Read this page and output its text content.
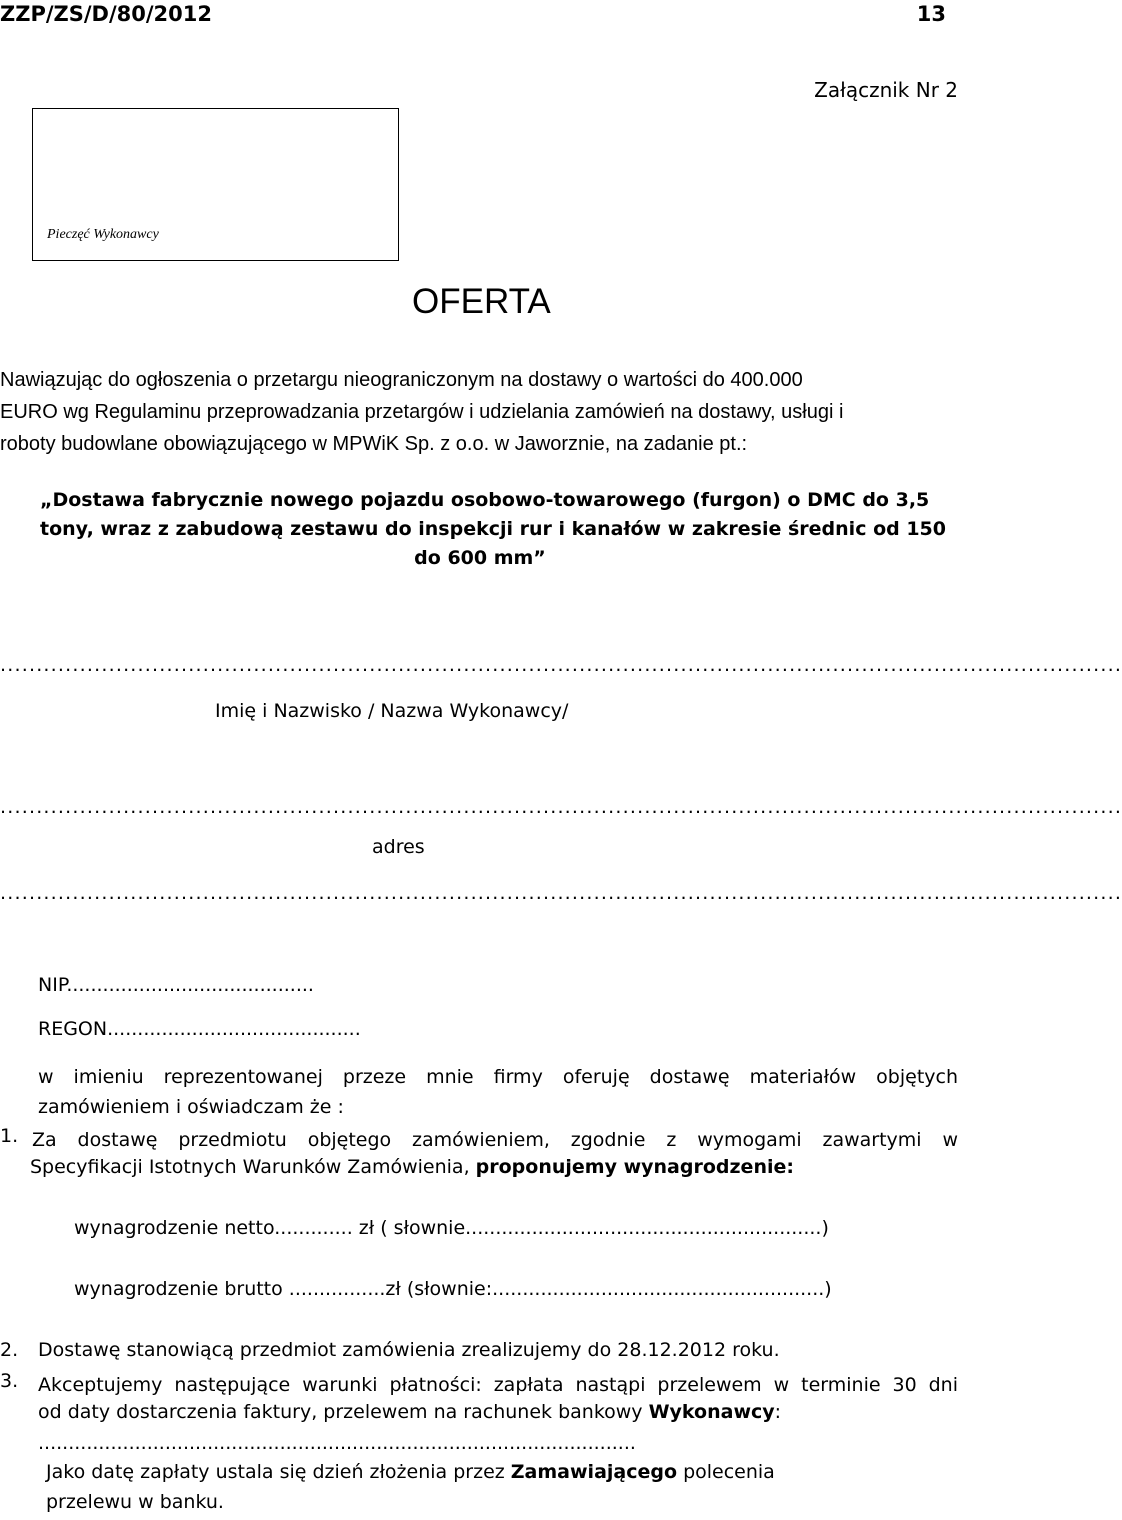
ZZP/ZS/D/80/2012	13
Załącznik Nr 2
Pieczęć Wykonawcy
OFERTA
Nawiązując do ogłoszenia o przetargu nieograniczonym na dostawy o wartości do 400.000
EURO wg Regulaminu przeprowadzania przetargów i udzielania zamówień na dostawy, usługi i
roboty budowlane obowiązującego w MPWiK Sp. z o.o. w Jaworznie, na zadanie pt.:
„Dostawa fabrycznie nowego pojazdu osobowo-towarowego (furgon) o DMC do 3,5
tony, wraz z zabudową zestawu do inspekcji rur i kanałów w zakresie średnic od 150
do 600 mm”
...........................................................................................................................................................
Imię i Nazwisko / Nazwa Wykonawcy/
...........................................................................................................................................................
adres
...........................................................................................................................................................
NIP.........................................
REGON..........................................
w imieniu reprezentowanej przeze mnie firmy oferuję dostawę materiałów objętych
zamówieniem i oświadczam że :
1. Za dostawę przedmiotu objętego zamówieniem, zgodnie z wymogami zawartymi w
Specyfikacji Istotnych Warunków Zamówienia, proponujemy wynagrodzenie:
wynagrodzenie netto............. zł ( słownie...........................................................)
wynagrodzenie brutto ................zł (słownie:.......................................................)
2. Dostawę stanowiącą przedmiot zamówienia zrealizujemy do 28.12.2012 roku.
3. Akceptujemy następujące warunki płatności: zapłata nastąpi przelewem w terminie 30 dni
od daty dostarczenia faktury, przelewem na rachunek bankowy Wykonawcy:
...................................................................................................
Jako datę zapłaty ustala się dzień złożenia przez Zamawiającego polecenia
przelewu w banku.
